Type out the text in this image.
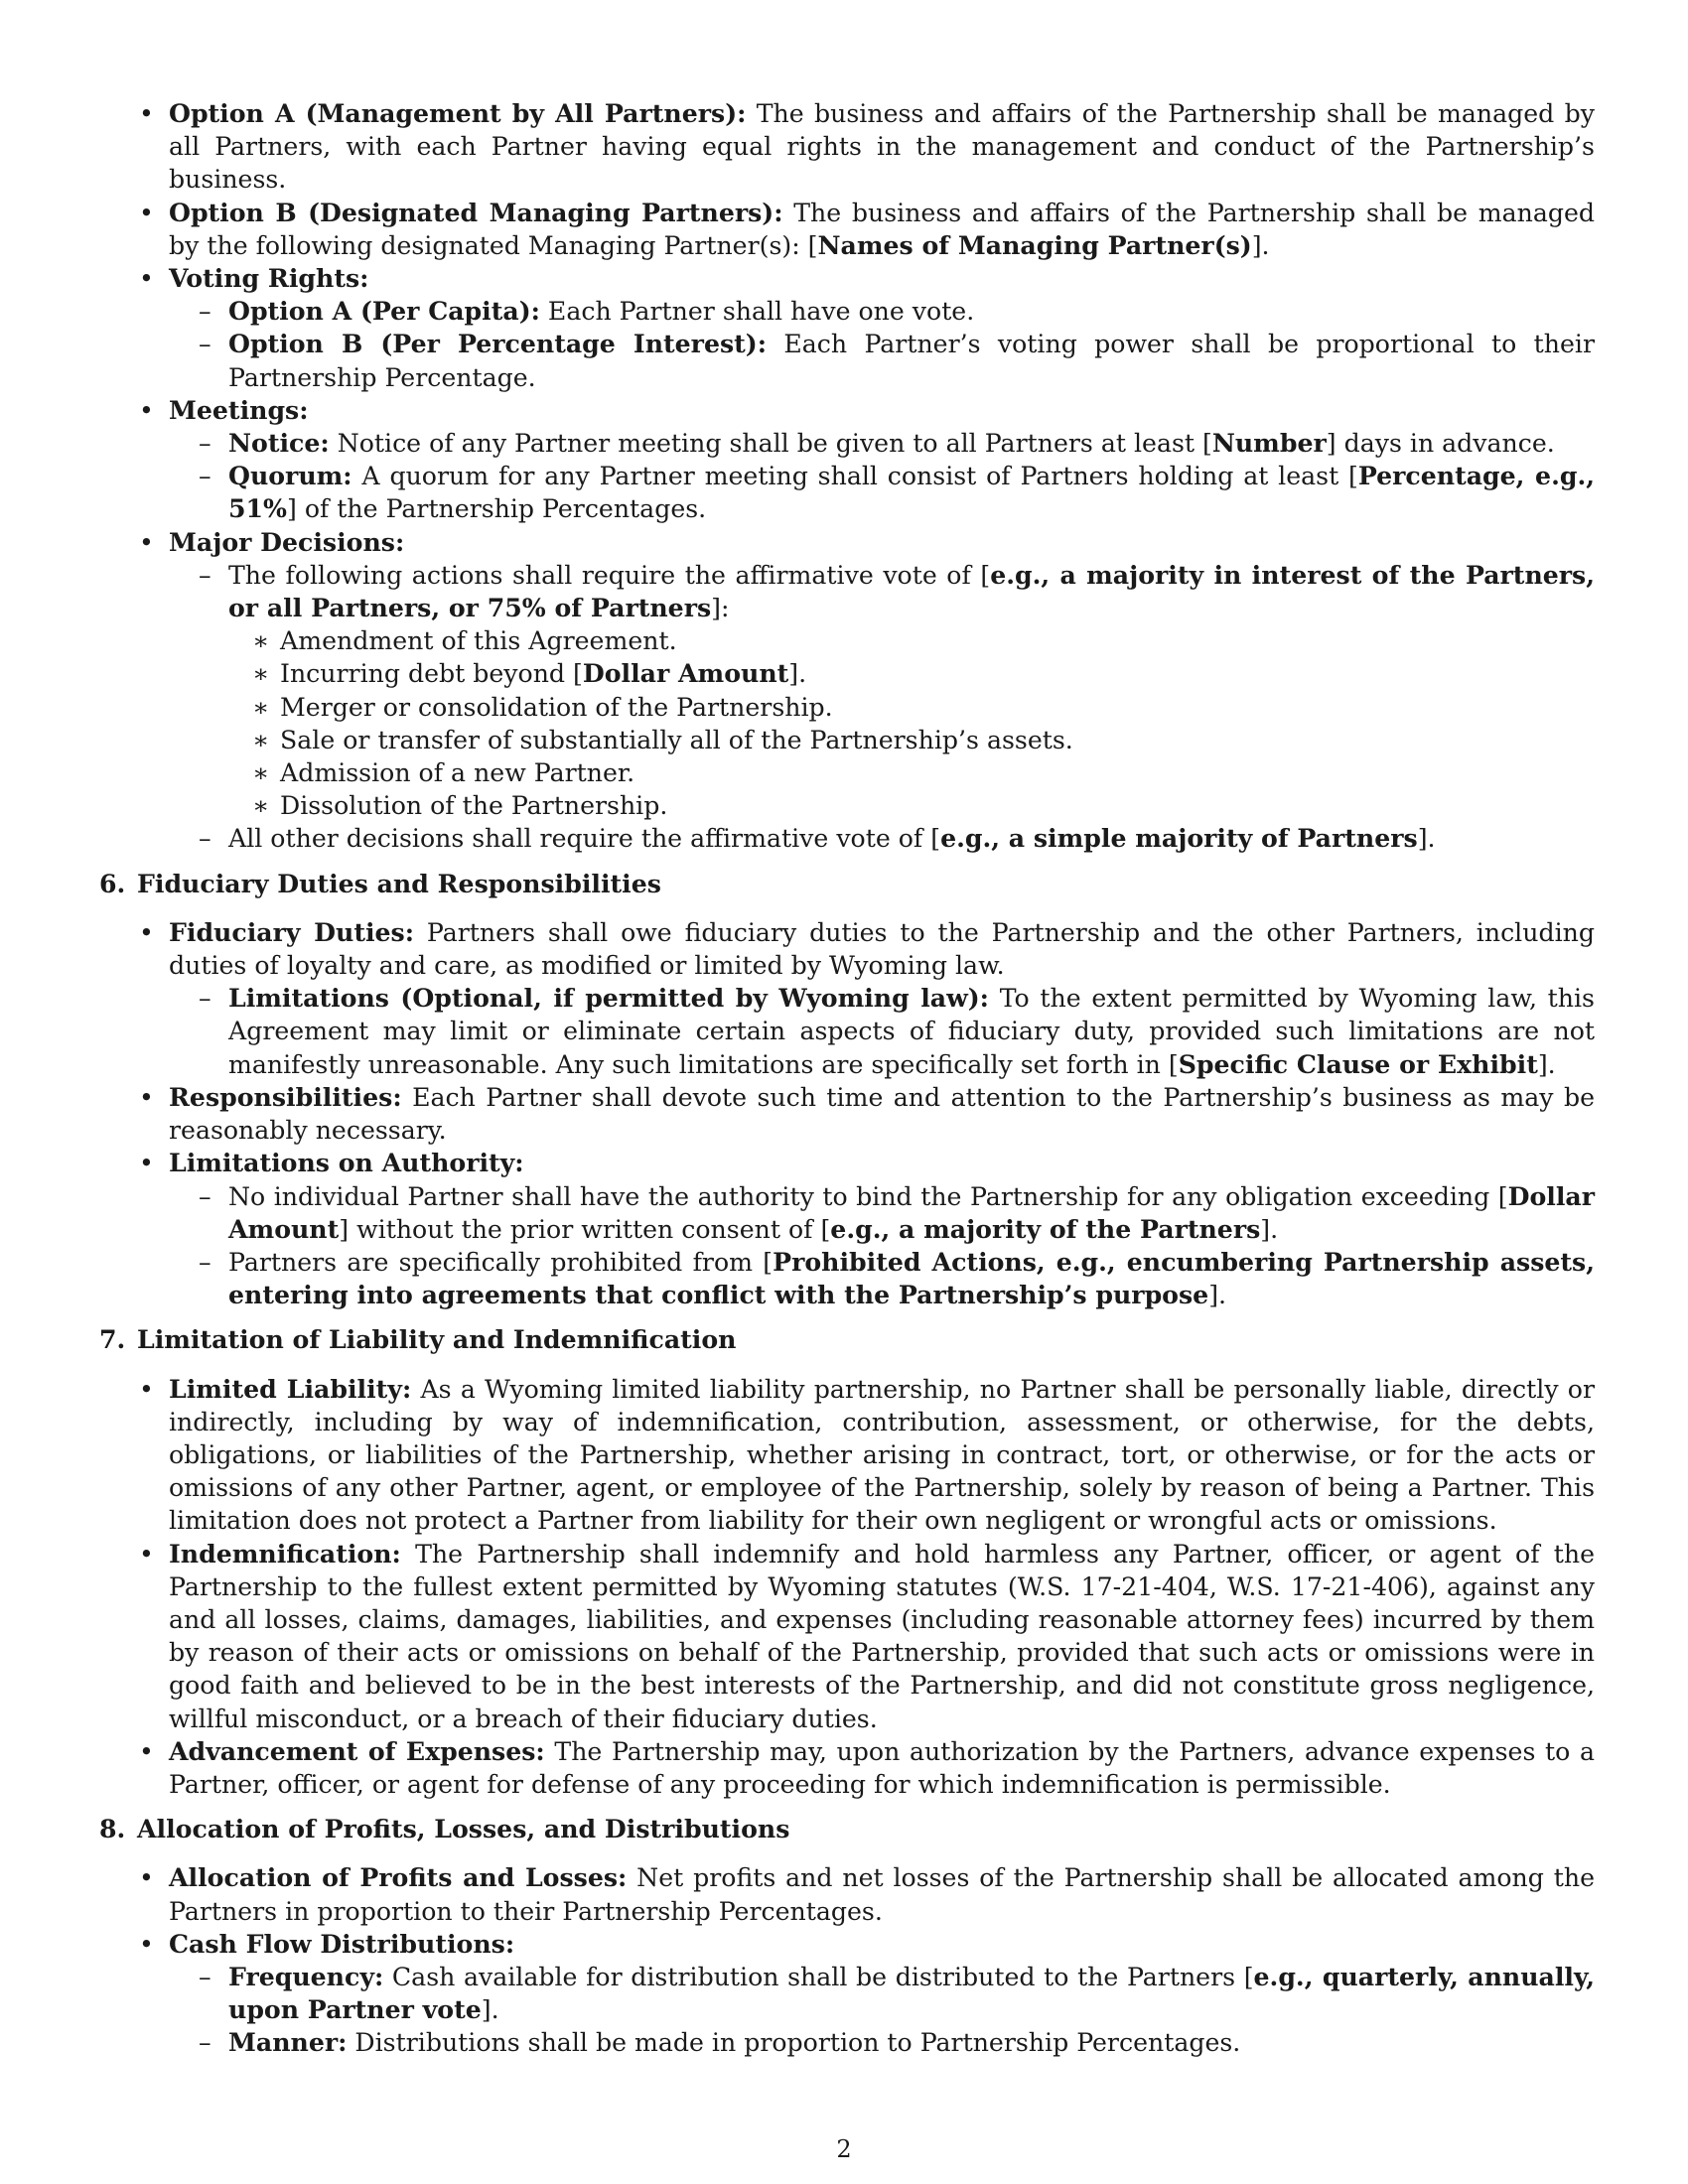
• Option A (Management by All Partners): The business and affairs of the Partnership shall be managed by all Partners, with each Partner having equal rights in the management and conduct of the Partnership’s business.
• Option B (Designated Managing Partners): The business and affairs of the Partnership shall be managed by the following designated Managing Partner(s): [Names of Managing Partner(s)].
• Voting Rights:
– Option A (Per Capita): Each Partner shall have one vote.
– Option B (Per Percentage Interest): Each Partner’s voting power shall be proportional to their Partnership Percentage.
• Meetings:
– Notice: Notice of any Partner meeting shall be given to all Partners at least [Number] days in advance.
– Quorum: A quorum for any Partner meeting shall consist of Partners holding at least [Percentage, e.g., 51%] of the Partnership Percentages.
• Major Decisions:
– The following actions shall require the affirmative vote of [e.g., a majority in interest of the Partners, or all Partners, or 75% of Partners]:
∗ Amendment of this Agreement.
∗ Incurring debt beyond [Dollar Amount].
∗ Merger or consolidation of the Partnership.
∗ Sale or transfer of substantially all of the Partnership’s assets.
∗ Admission of a new Partner.
∗ Dissolution of the Partnership.
– All other decisions shall require the affirmative vote of [e.g., a simple majority of Partners].
6. Fiduciary Duties and Responsibilities
• Fiduciary Duties: Partners shall owe fiduciary duties to the Partnership and the other Partners, including duties of loyalty and care, as modified or limited by Wyoming law.
– Limitations (Optional, if permitted by Wyoming law): To the extent permitted by Wyoming law, this Agreement may limit or eliminate certain aspects of fiduciary duty, provided such limitations are not manifestly unreasonable. Any such limitations are specifically set forth in [Specific Clause or Exhibit].
• Responsibilities: Each Partner shall devote such time and attention to the Partnership’s business as may be reasonably necessary.
• Limitations on Authority:
– No individual Partner shall have the authority to bind the Partnership for any obligation exceeding [Dollar Amount] without the prior written consent of [e.g., a majority of the Partners].
– Partners are specifically prohibited from [Prohibited Actions, e.g., encumbering Partnership assets, entering into agreements that conflict with the Partnership’s purpose].
7. Limitation of Liability and Indemnification
• Limited Liability: As a Wyoming limited liability partnership, no Partner shall be personally liable, directly or indirectly, including by way of indemnification, contribution, assessment, or otherwise, for the debts, obligations, or liabilities of the Partnership, whether arising in contract, tort, or otherwise, or for the acts or omissions of any other Partner, agent, or employee of the Partnership, solely by reason of being a Partner. This limitation does not protect a Partner from liability for their own negligent or wrongful acts or omissions.
• Indemnification: The Partnership shall indemnify and hold harmless any Partner, officer, or agent of the Partnership to the fullest extent permitted by Wyoming statutes (W.S. 17-21-404, W.S. 17-21-406), against any and all losses, claims, damages, liabilities, and expenses (including reasonable attorney fees) incurred by them by reason of their acts or omissions on behalf of the Partnership, provided that such acts or omissions were in good faith and believed to be in the best interests of the Partnership, and did not constitute gross negligence, willful misconduct, or a breach of their fiduciary duties.
• Advancement of Expenses: The Partnership may, upon authorization by the Partners, advance expenses to a Partner, officer, or agent for defense of any proceeding for which indemnification is permissible.
8. Allocation of Profits, Losses, and Distributions
• Allocation of Profits and Losses: Net profits and net losses of the Partnership shall be allocated among the Partners in proportion to their Partnership Percentages.
• Cash Flow Distributions:
– Frequency: Cash available for distribution shall be distributed to the Partners [e.g., quarterly, annually, upon Partner vote].
– Manner: Distributions shall be made in proportion to Partnership Percentages.
2
